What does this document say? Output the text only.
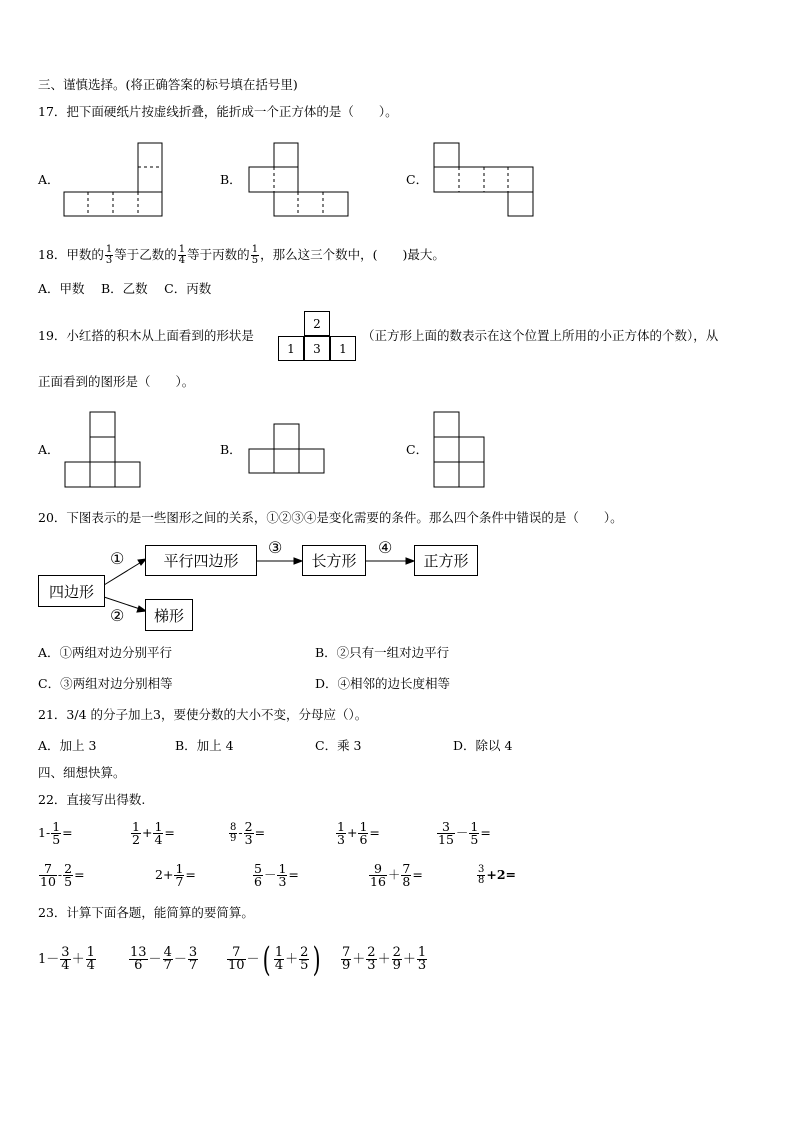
三、谨慎选择。(将正确答案的标号填在括号里)
17．把下面硬纸片按虚线折叠，能折成一个正方体的是（　　）。
A．	B．	C．
18．甲数的 $\frac{1}{3}$ 等于乙数的 $\frac{1}{4}$ 等于丙数的 $\frac{1}{5}$ ，那么这三个数中，(　　)最大。
A．甲数　 B．乙数　 C．丙数
19．小红搭的积木从上面看到的形状是
2
1	3	1
（正方形上面的数表示在这个位置上所用的小正方体的个数），从
正面看到的图形是（　　）。
A．	B．	C．
20．下图表示的是一些图形之间的关系，①②③④是变化需要的条件。那么四个条件中错误的是（　　）。
四边形
平行四边形	长方形	正方形
梯形
①
②
③	④
A．①两组对边分别平行	B．②只有一组对边平行
C．③两组对边分别相等	D．④相邻的边长度相等
21．3/4 的分子加上3，要使分数的大小不变，分母应（）。
A．加上 3	B．加上 4	C．乘 3	D．除以 4
四、细想快算。
22．直接写出得数.
$1- \frac{1}{5}$ =	$\frac{1}{2} + \frac{1}{4}$ =	$\frac{8}{9} - \frac{2}{3}$ =	$\frac{1}{3} + \frac{1}{6}$ =	$\frac{3}{15} - \frac{1}{5}$ =
$\frac{7}{10} - \frac{2}{5}$ =	$2+ \frac{1}{7}$ =	$\frac{5}{6} - \frac{1}{3}$ =	$\frac{9}{16} + \frac{7}{8}$ =	$\frac{3}{8} +2=$
23．计算下面各题，能简算的要简算。
$1- \frac{3}{4} + \frac{1}{4}$	$\frac{13}{6} - \frac{4}{7} - \frac{3}{7} \frac{7}{10}$ －( $\frac{1}{4} + \frac{2}{5}$ ) $\frac{7}{9} + \frac{2}{3} + \frac{2}{9} + \frac{1}{3}$
